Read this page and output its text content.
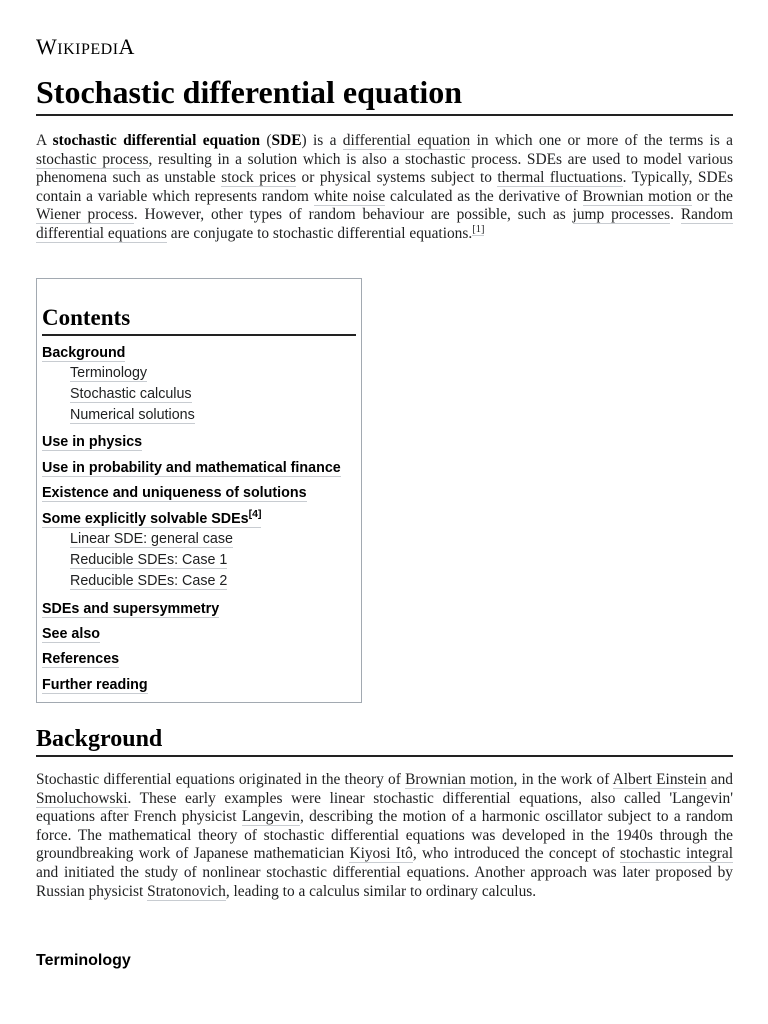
WIKIPEDIA
Stochastic differential equation

A stochastic differential equation (SDE) is a differential equation in which one or more of the terms is a stochastic process, resulting in a solution which is also a stochastic process. SDEs are used to model various phenomena such as unstable stock prices or physical systems subject to thermal fluctuations. Typically, SDEs contain a variable which represents random white noise calculated as the derivative of Brownian motion or the Wiener process. However, other types of random behaviour are possible, such as jump processes. Random differential equations are conjugate to stochastic differential equations.[1]

Contents
Background
Terminology
Stochastic calculus
Numerical solutions
Use in physics
Use in probability and mathematical finance
Existence and uniqueness of solutions
Some explicitly solvable SDEs[4]
Linear SDE: general case
Reducible SDEs: Case 1
Reducible SDEs: Case 2
SDEs and supersymmetry
See also
References
Further reading
Background

Stochastic differential equations originated in the theory of Brownian motion, in the work of Albert Einstein and Smoluchowski. These early examples were linear stochastic differential equations, also called 'Langevin' equations after French physicist Langevin, describing the motion of a harmonic oscillator subject to a random force. The mathematical theory of stochastic differential equations was developed in the 1940s through the groundbreaking work of Japanese mathematician Kiyosi Itô, who introduced the concept of stochastic integral and initiated the study of nonlinear stochastic differential equations. Another approach was later proposed by Russian physicist Stratonovich, leading to a calculus similar to ordinary calculus.

Terminology
